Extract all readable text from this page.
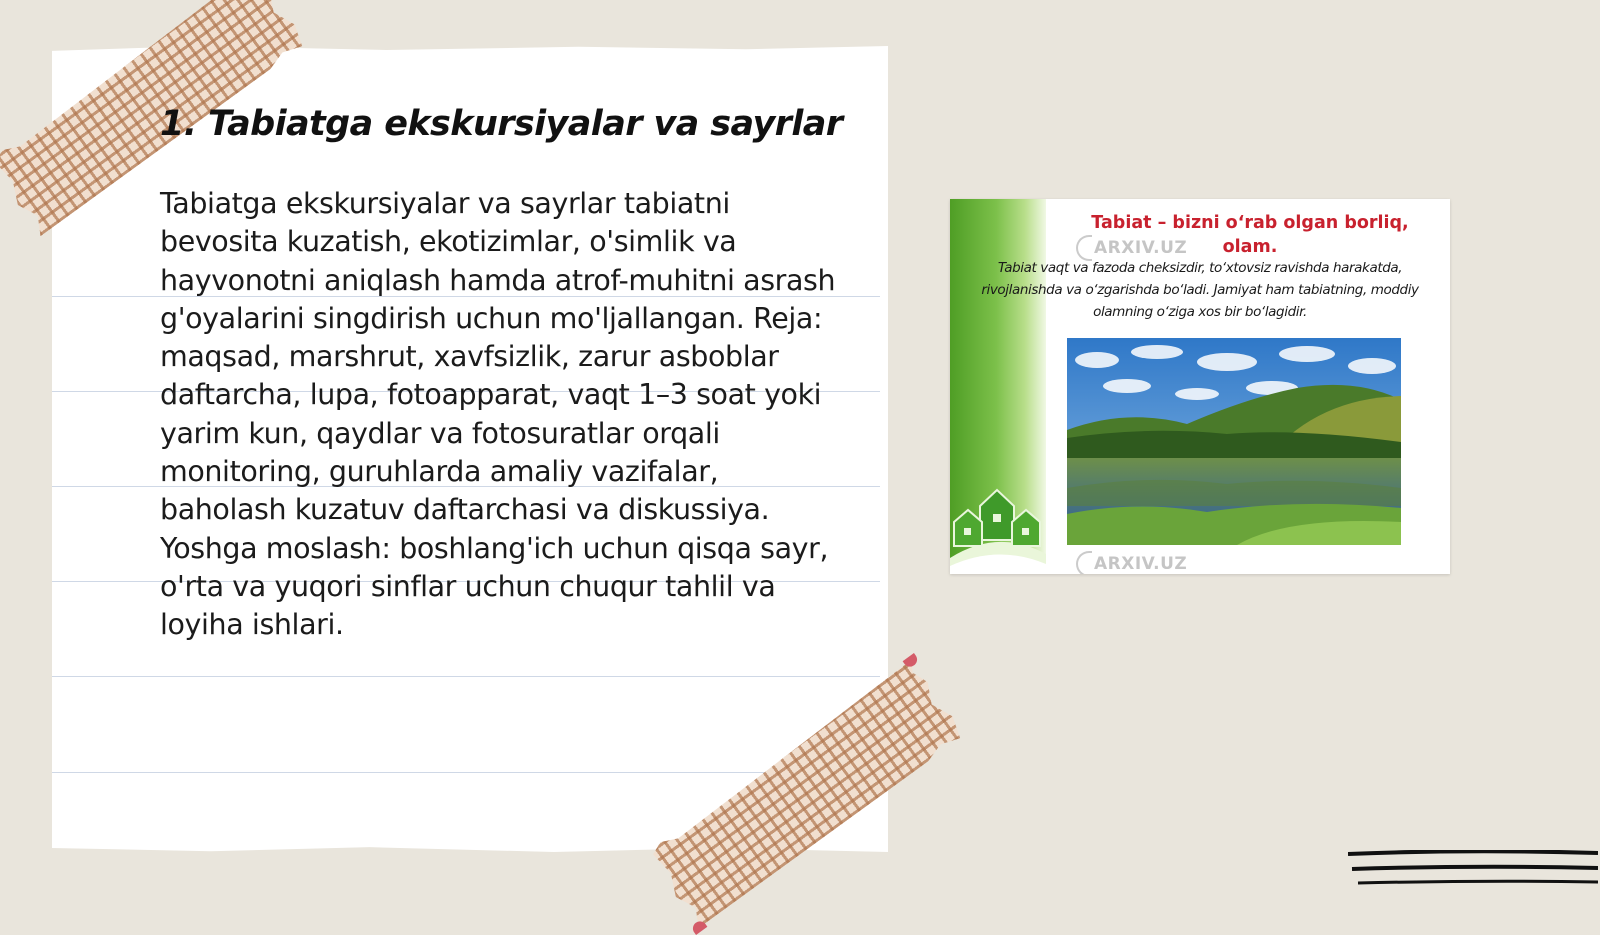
1. Tabiatga ekskursiyalar va sayrlar

Tabiatga ekskursiyalar va sayrlar tabiatni bevosita kuzatish, ekotizimlar, o'simlik va hayvonotni aniqlash hamda atrof-muhitni asrash g'oyalarini singdirish uchun mo'ljallangan. Reja: maqsad, marshrut, xavfsizlik, zarur asboblar daftarcha, lupa, fotoapparat, vaqt 1–3 soat yoki yarim kun, qaydlar va fotosuratlar orqali monitoring, guruhlarda amaliy vazifalar, baholash kuzatuv daftarchasi va diskussiya. Yoshga moslash: boshlang'ich uchun qisqa sayr, o'rta va yuqori sinflar uchun chuqur tahlil va loyiha ishlari.

Tabiat – bizni o‘rab olgan borliq,
olam.

Tabiat vaqt va fazoda cheksizdir, to‘xtovsiz ravishda harakatda, rivojlanishda va o‘zgarishda bo‘ladi. Jamiyat ham tabiatning, moddiy olamning o‘ziga xos bir bo‘lagidir.

ARXIV.UZ
ARXIV.UZ
